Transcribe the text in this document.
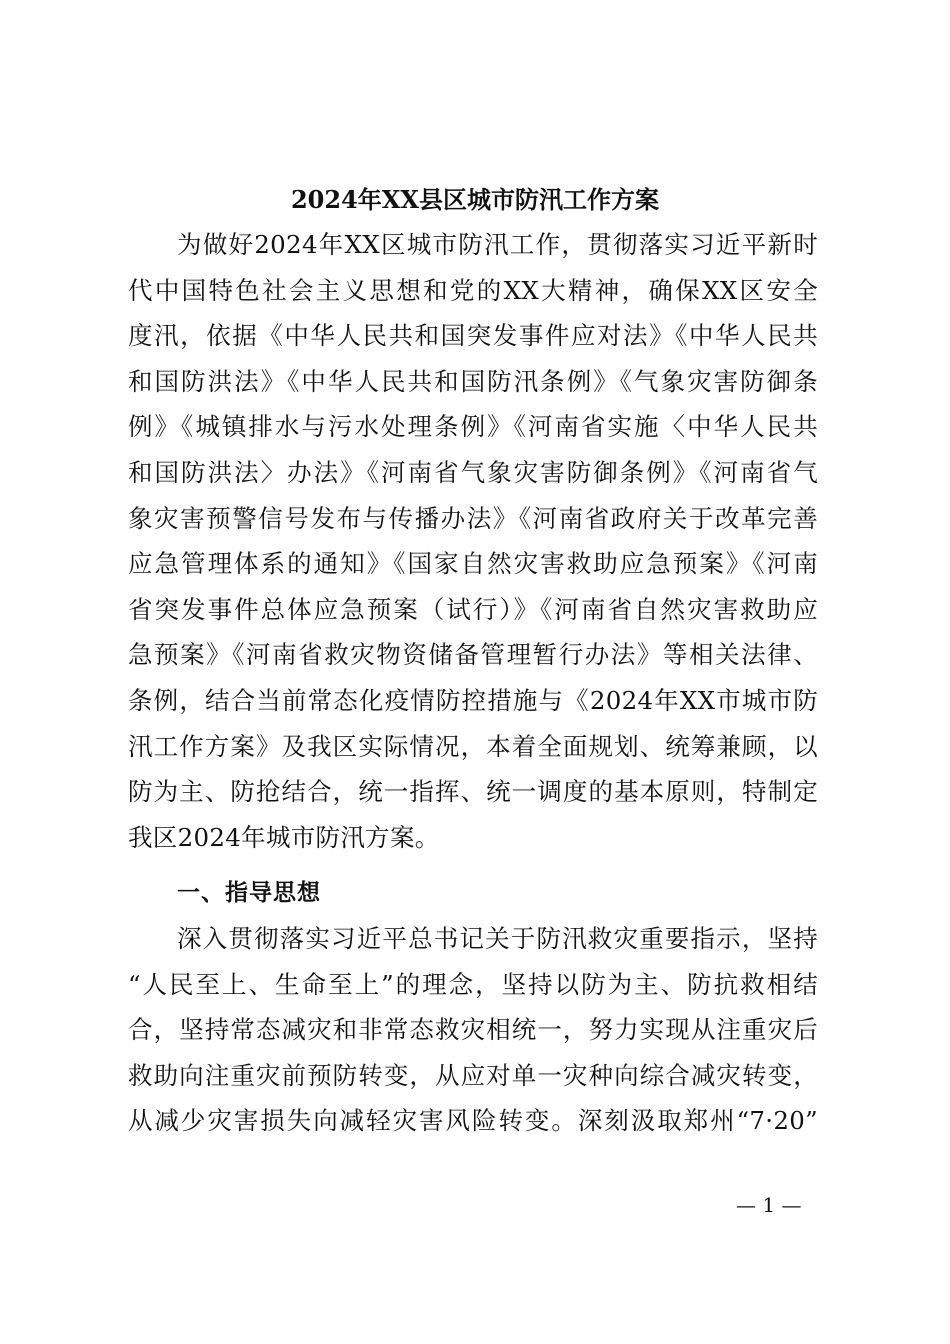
2024年XX县区城市防汛工作方案
为做好2024年XX区城市防汛工作，贯彻落实习近平新时
代中国特色社会主义思想和党的XX大精神，确保XX区安全
度汛，依据《中华人民共和国突发事件应对法》《中华人民共
和国防洪法》《中华人民共和国防汛条例》《气象灾害防御条
例》《城镇排水与污水处理条例》《河南省实施〈中华人民共
和国防洪法〉办法》《河南省气象灾害防御条例》《河南省气
象灾害预警信号发布与传播办法》《河南省政府关于改革完善
应急管理体系的通知》《国家自然灾害救助应急预案》《河南
省突发事件总体应急预案（试行）》《河南省自然灾害救助应
急预案》《河南省救灾物资储备管理暂行办法》等相关法律、
条例，结合当前常态化疫情防控措施与《2024年XX市城市防
汛工作方案》及我区实际情况，本着全面规划、统筹兼顾，以
防为主、防抢结合，统一指挥、统一调度的基本原则，特制定
我区2024年城市防汛方案。
一、指导思想
深入贯彻落实习近平总书记关于防汛救灾重要指示，坚持
“人民至上、生命至上”的理念，坚持以防为主、防抗救相结
合，坚持常态减灾和非常态救灾相统一，努力实现从注重灾后
救助向注重灾前预防转变，从应对单一灾种向综合减灾转变，
从减少灾害损失向减轻灾害风险转变。深刻汲取郑州“7·20”
— 1 —
